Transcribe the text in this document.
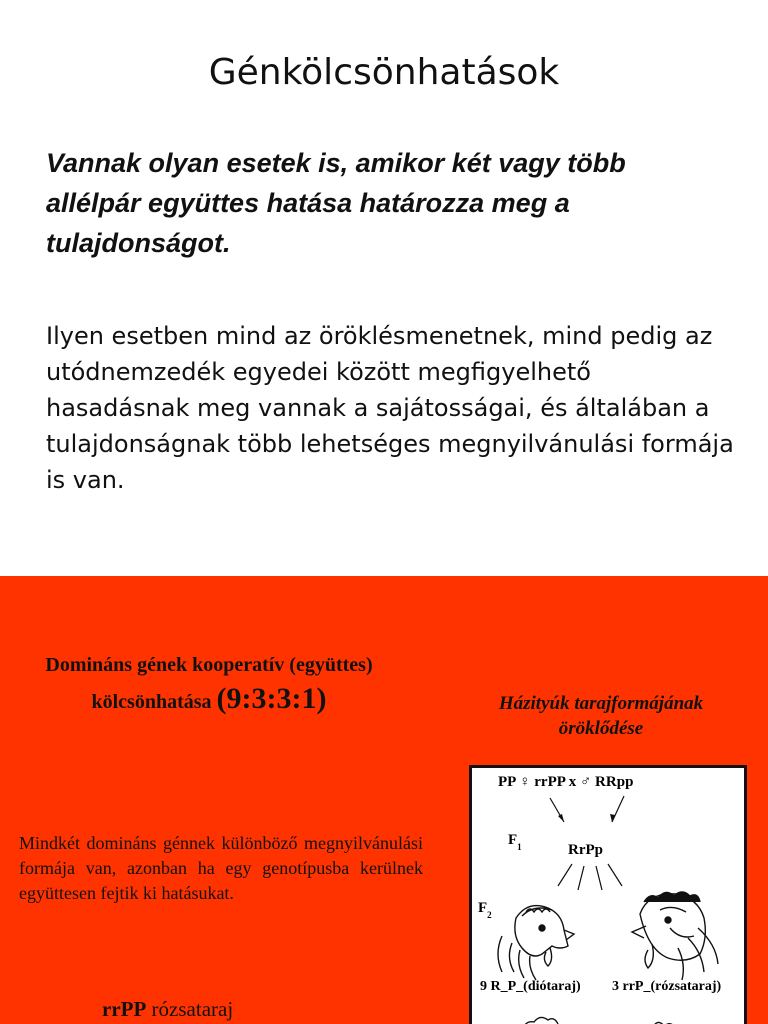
Génkölcsönhatások
Vannak olyan esetek is, amikor két vagy több allélpár együttes hatása határozza meg a tulajdonságot.
Ilyen esetben mind az öröklésmenetnek, mind pedig az utódnemzedék egyedei között megfigyelhető hasadásnak meg vannak a sajátosságai, és általában a tulajdonságnak több lehetséges megnyilvánulási formája is van.
Domináns gének kooperatív (együttes)
kölcsönhatása (9:3:3:1)	Házityúk tarajformájának öröklődése
Mindkét domináns génnek különböző megnyilvánulási formája van, azonban ha egy genotípusba kerülnek együttesen fejtik ki hatásukat.
rrPP rózsataraj
PP ♀ rrPP x ♂ RRpp
$F_1$	RrPp
$F_2$
9 R_P_(diótaraj) 3 rrP_(rózsataraj)
